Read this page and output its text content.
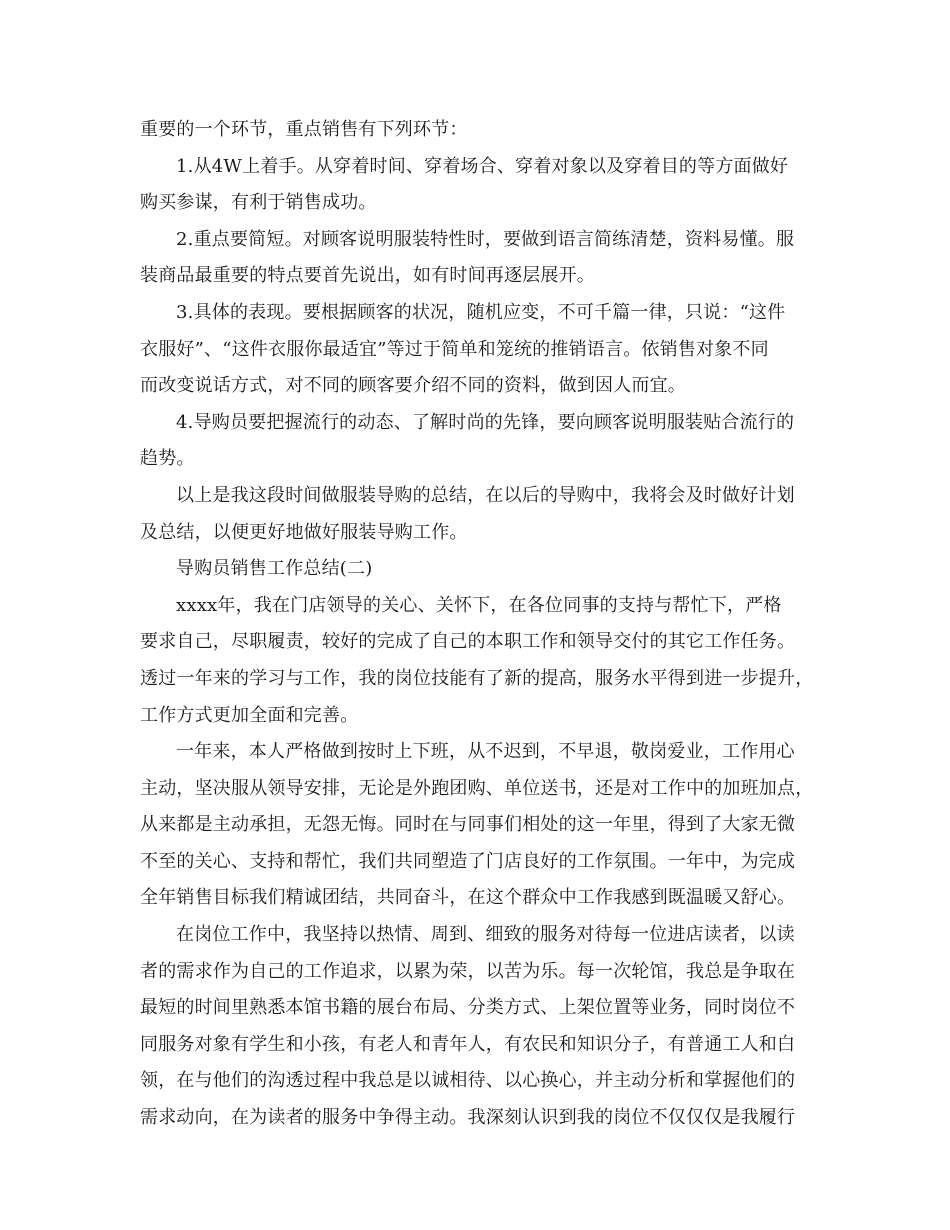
重要的一个环节，重点销售有下列环节：
1.从4W上着手。从穿着时间、穿着场合、穿着对象以及穿着目的等方面做好
购买参谋，有利于销售成功。
2.重点要简短。对顾客说明服装特性时，要做到语言简练清楚，资料易懂。服
装商品最重要的特点要首先说出，如有时间再逐层展开。
3.具体的表现。要根据顾客的状况，随机应变，不可千篇一律，只说：“这件
衣服好”、“这件衣服你最适宜”等过于简单和笼统的推销语言。依销售对象不同
而改变说话方式，对不同的顾客要介绍不同的资料，做到因人而宜。
4.导购员要把握流行的动态、了解时尚的先锋，要向顾客说明服装贴合流行的
趋势。
以上是我这段时间做服装导购的总结，在以后的导购中，我将会及时做好计划
及总结，以便更好地做好服装导购工作。
导购员销售工作总结(二)
xxxx年，我在门店领导的关心、关怀下，在各位同事的支持与帮忙下，严格
要求自己，尽职履责，较好的完成了自己的本职工作和领导交付的其它工作任务。
透过一年来的学习与工作，我的岗位技能有了新的提高，服务水平得到进一步提升，
工作方式更加全面和完善。
一年来，本人严格做到按时上下班，从不迟到，不早退，敬岗爱业，工作用心
主动，坚决服从领导安排，无论是外跑团购、单位送书，还是对工作中的加班加点，
从来都是主动承担，无怨无悔。同时在与同事们相处的这一年里，得到了大家无微
不至的关心、支持和帮忙，我们共同塑造了门店良好的工作氛围。一年中，为完成
全年销售目标我们精诚团结，共同奋斗，在这个群众中工作我感到既温暖又舒心。
在岗位工作中，我坚持以热情、周到、细致的服务对待每一位进店读者，以读
者的需求作为自己的工作追求，以累为荣，以苦为乐。每一次轮馆，我总是争取在
最短的时间里熟悉本馆书籍的展台布局、分类方式、上架位置等业务，同时岗位不
同服务对象有学生和小孩，有老人和青年人，有农民和知识分子，有普通工人和白
领，在与他们的沟透过程中我总是以诚相待、以心换心，并主动分析和掌握他们的
需求动向，在为读者的服务中争得主动。我深刻认识到我的岗位不仅仅仅是我履行
